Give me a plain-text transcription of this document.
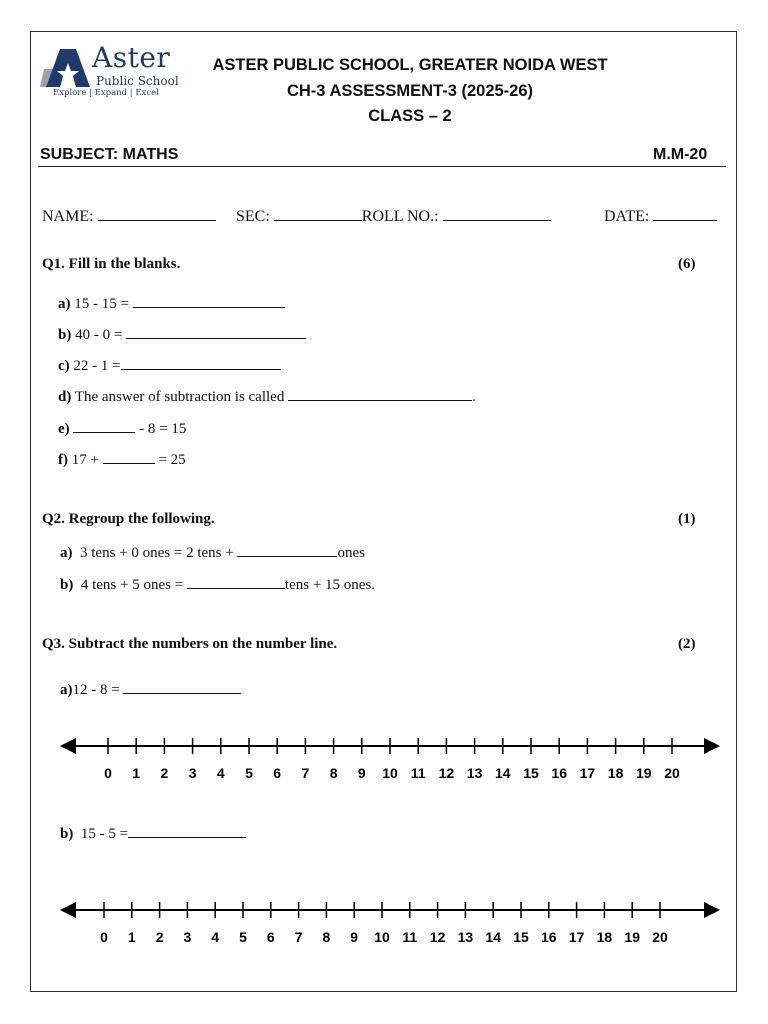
Aster
Public School
Explore | Expand | Excel
ASTER PUBLIC SCHOOL, GREATER NOIDA WEST
CH-3 ASSESSMENT-3 (2025-26)
CLASS – 2
SUBJECT: MATHS	M.M-20
NAME:	SEC:	ROLL NO.:	DATE:
Q1. Fill in the blanks.	(6)
a) 15 - 15 =
b) 40 - 0 =
c) 22 - 1 =
d) The answer of subtraction is called	.
e)	- 8 = 15
f) 17 +	= 25
Q2. Regroup the following.	(1)
a) 3 tens + 0 ones = 2 tens +	ones
b) 4 tens + 5 ones =	tens + 15 ones.
Q3. Subtract the numbers on the number line.	(2)
a)12 - 8 =
0 1 2 3 4 5 6 7 8 9 10 11 12 13 14 15 16 17 18 19 20
b) 15 - 5 =
0 1 2 3 4 5 6 7 8 9 10 11 12 13 14 15 16 17 18 19 20
